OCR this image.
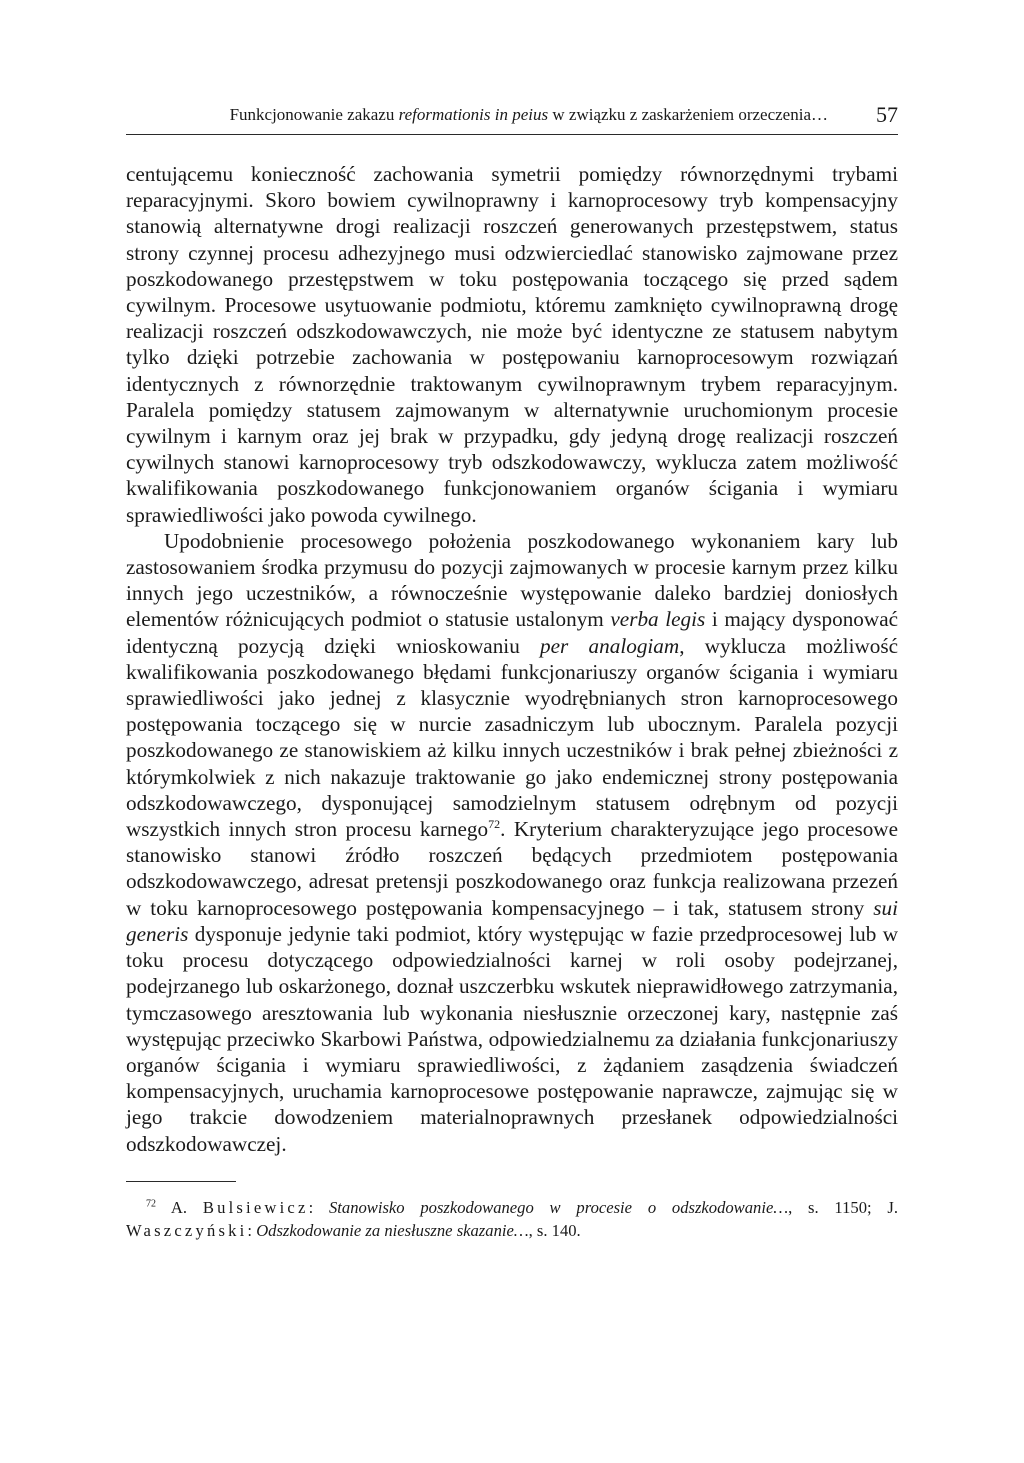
Funkcjonowanie zakazu reformationis in peius w związku z zaskarżeniem orzeczenia… 57

centującemu konieczność zachowania symetrii pomiędzy równorzędnymi trybami reparacyjnymi. Skoro bowiem cywilnoprawny i karnoprocesowy tryb kompensacyjny stanowią alternatywne drogi realizacji roszczeń generowanych przestępstwem, status strony czynnej procesu adhezyjnego musi odzwierciedlać stanowisko zajmowane przez poszkodowanego przestępstwem w toku postępowania toczącego się przed sądem cywilnym. Procesowe usytuowanie podmiotu, któremu zamknięto cywilnoprawną drogę realizacji roszczeń odszkodowawczych, nie może być identyczne ze statusem nabytym tylko dzięki potrzebie zachowania w postępowaniu karnoprocesowym rozwiązań identycznych z równorzędnie traktowanym cywilnoprawnym trybem reparacyjnym. Paralela pomiędzy statusem zajmowanym w alternatywnie uruchomionym procesie cywilnym i karnym oraz jej brak w przypadku, gdy jedyną drogę realizacji roszczeń cywilnych stanowi karnoprocesowy tryb odszkodowawczy, wyklucza zatem możliwość kwalifikowania poszkodowanego funkcjonowaniem organów ścigania i wymiaru sprawiedliwości jako powoda cywilnego.

Upodobnienie procesowego położenia poszkodowanego wykonaniem kary lub zastosowaniem środka przymusu do pozycji zajmowanych w procesie karnym przez kilku innych jego uczestników, a równocześnie występowanie daleko bardziej doniosłych elementów różnicujących podmiot o statusie ustalonym verba legis i mający dysponować identyczną pozycją dzięki wnioskowaniu per analogiam, wyklucza możliwość kwalifikowania poszkodowanego błędami funkcjonariuszy organów ścigania i wymiaru sprawiedliwości jako jednej z klasycznie wyodrębnianych stron karnoprocesowego postępowania toczącego się w nurcie zasadniczym lub ubocznym. Paralela pozycji poszkodowanego ze stanowiskiem aż kilku innych uczestników i brak pełnej zbieżności z którymkolwiek z nich nakazuje traktowanie go jako endemicznej strony postępowania odszkodowawczego, dysponującej samodzielnym statusem odrębnym od pozycji wszystkich innych stron procesu karnego$^{72}$. Kryterium charakteryzujące jego procesowe stanowisko stanowi źródło roszczeń będących przedmiotem postępowania odszkodowawczego, adresat pretensji poszkodowanego oraz funkcja realizowana przezeń w toku karnoprocesowego postępowania kompensacyjnego – i tak, statusem strony sui generis dysponuje jedynie taki podmiot, który występując w fazie przedprocesowej lub w toku procesu dotyczącego odpowiedzialności karnej w roli osoby podejrzanej, podejrzanego lub oskarżonego, doznał uszczerbku wskutek nieprawidłowego zatrzymania, tymczasowego aresztowania lub wykonania niesłusznie orzeczonej kary, następnie zaś występując przeciwko Skarbowi Państwa, odpowiedzialnemu za działania funkcjonariuszy organów ścigania i wymiaru sprawiedliwości, z żądaniem zasądzenia świadczeń kompensacyjnych, uruchamia karnoprocesowe postępowanie naprawcze, zajmując się w jego trakcie dowodzeniem materialnoprawnych przesłanek odpowiedzialności odszkodowawczej.

$^{72}$ A. Bulsiewicz: Stanowisko poszkodowanego w procesie o odszkodowanie…, s. 1150; J. Waszczyński: Odszkodowanie za niesłuszne skazanie…, s. 140.
